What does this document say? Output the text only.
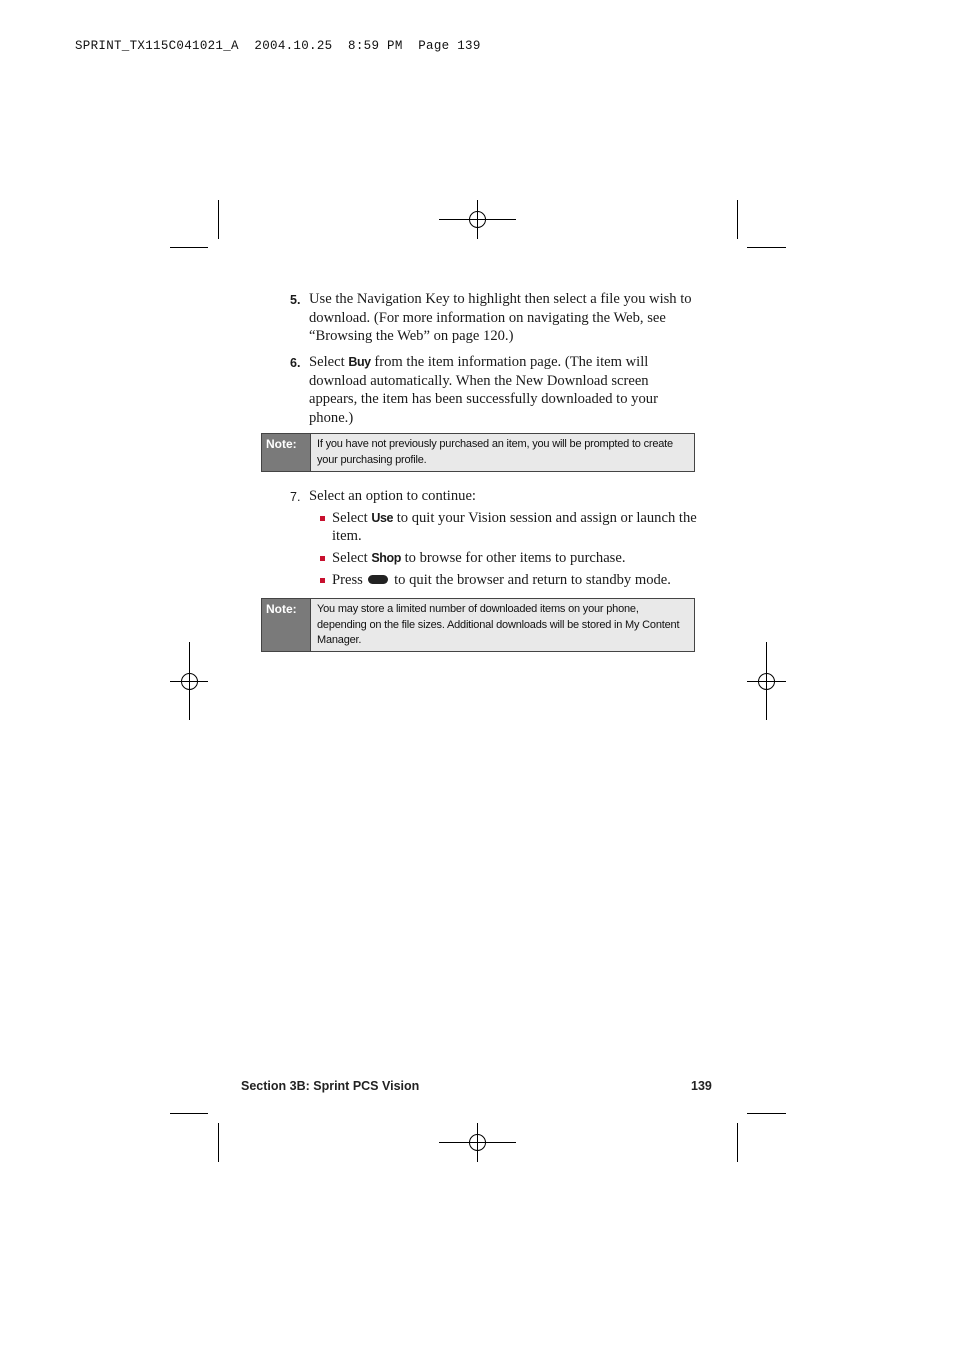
SPRINT_TX115C041021_A  2004.10.25  8:59 PM  Page 139
5. Use the Navigation Key to highlight then select a file you wish to download. (For more information on navigating the Web, see “Browsing the Web” on page 120.)
6. Select Buy from the item information page. (The item will download automatically. When the New Download screen appears, the item has been successfully downloaded to your phone.)
Note:	If you have not previously purchased an item, you will be prompted to create your purchasing profile.
7. Select an option to continue:
Select Use to quit your Vision session and assign or launch the item.
Select Shop to browse for other items to purchase.
Press  to quit the browser and return to standby mode.
Note:	You may store a limited number of downloaded items on your phone, depending on the file sizes. Additional downloads will be stored in My Content Manager.
Section 3B: Sprint PCS Vision	139
